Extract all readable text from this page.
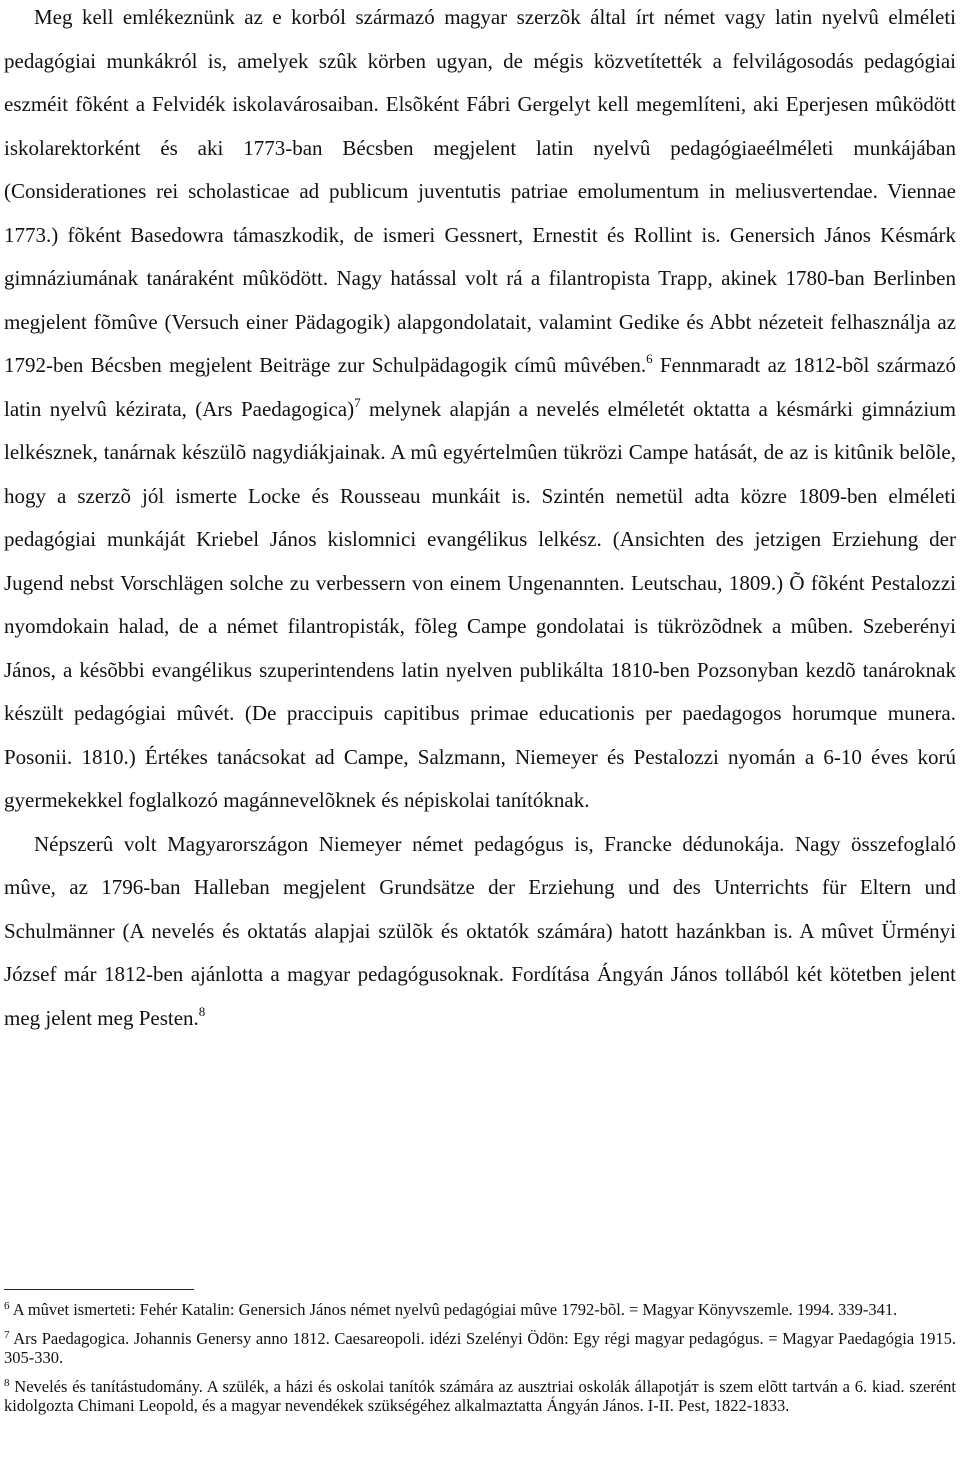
Meg kell emlékeznünk az e korból származó magyar szerzõk által írt német vagy latin nyelvû elméleti pedagógiai munkákról is, amelyek szûk körben ugyan, de mégis közvetítették a felvilágosodás pedagógiai eszméit fõként a Felvidék iskolavárosaiban. Elsõként Fábri Gergelyt kell megemlíteni, aki Eperjesen mûködött iskolarektorként és aki 1773-ban Bécsben megjelent latin nyelvû pedagógiaeélméleti munkájában (Considerationes rei scholasticae ad publicum juventutis patriae emolumentum in meliusvertendae. Viennae 1773.) fõként Basedowra támaszkodik, de ismeri Gessnert, Ernestit és Rollint is. Genersich János Késmárk gimnáziumának tanáraként mûködött. Nagy hatással volt rá a filantropista Trapp, akinek 1780-ban Berlinben megjelent fõmûve (Versuch einer Pädagogik) alapgondolatait, valamint Gedike és Abbt nézeteit felhasználja az 1792-ben Bécsben megjelent Beiträge zur Schulpädagogik címû mûvében.$^6$ Fennmaradt az 1812-bõl származó latin nyelvû kézirata, (Ars Paedagogica)$^7$ melynek alapján a nevelés elméletét oktatta a késmárki gimnázium lelkésznek, tanárnak készülõ nagydiákjainak. A mû egyértelmûen tükrözi Campe hatását, de az is kitûnik belõle, hogy a szerzõ jól ismerte Locke és Rousseau munkáit is. Szintén nemetül adta közre 1809-ben elméleti pedagógiai munkáját Kriebel János kislomnici evangélikus lelkész. (Ansichten des jetzigen Erziehung der Jugend nebst Vorschlägen solche zu verbessern von einem Ungenannten. Leutschau, 1809.) Õ fõként Pestalozzi nyomdokain halad, de a német filantropisták, fõleg Campe gondolatai is tükrözõdnek a mûben. Szeberényi János, a késõbbi evangélikus szuperintendens latin nyelven publikálta 1810-ben Pozsonyban kezdõ tanároknak készült pedagógiai mûvét. (De praccipuis capitibus primae educationis per paedagogos horumque munera. Posonii. 1810.) Értékes tanácsokat ad Campe, Salzmann, Niemeyer és Pestalozzi nyomán a 6-10 éves korú gyermekekkel foglalkozó magánnevelõknek és népiskolai tanítóknak.

Népszerû volt Magyarországon Niemeyer német pedagógus is, Francke dédunokája. Nagy összefoglaló mûve, az 1796-ban Halleban megjelent Grundsätze der Erziehung und des Unterrichts für Eltern und Schulmänner (A nevelés és oktatás alapjai szülõk és oktatók számára) hatott hazánkban is. A mûvet Ürményi József már 1812-ben ajánlotta a magyar pedagógusoknak. Fordítása Ángyán János tollából két kötetben jelent meg jelent meg Pesten.$^8$

$^6$ A mûvet ismerteti: Fehér Katalin: Genersich János német nyelvû pedagógiai mûve 1792-bõl. = Magyar Könyvszemle. 1994. 339-341.

$^7$ Ars Paedagogica. Johannis Genersy anno 1812. Caesareopoli. idézi Szelényi Ödön: Egy régi magyar pedagógus. = Magyar Paedagógia 1915. 305-330.

$^8$ Nevelés és tanítástudomány. A szülék, a házi és oskolai tanítók számára az ausztriai oskolák állapotjáт is szem elõtt tartván a 6. kiad. szerént kidolgozta Chimani Leopold, és a magyar nevendékek szükségéhez alkalmaztatta Ángyán János. I-II. Pest, 1822-1833.
